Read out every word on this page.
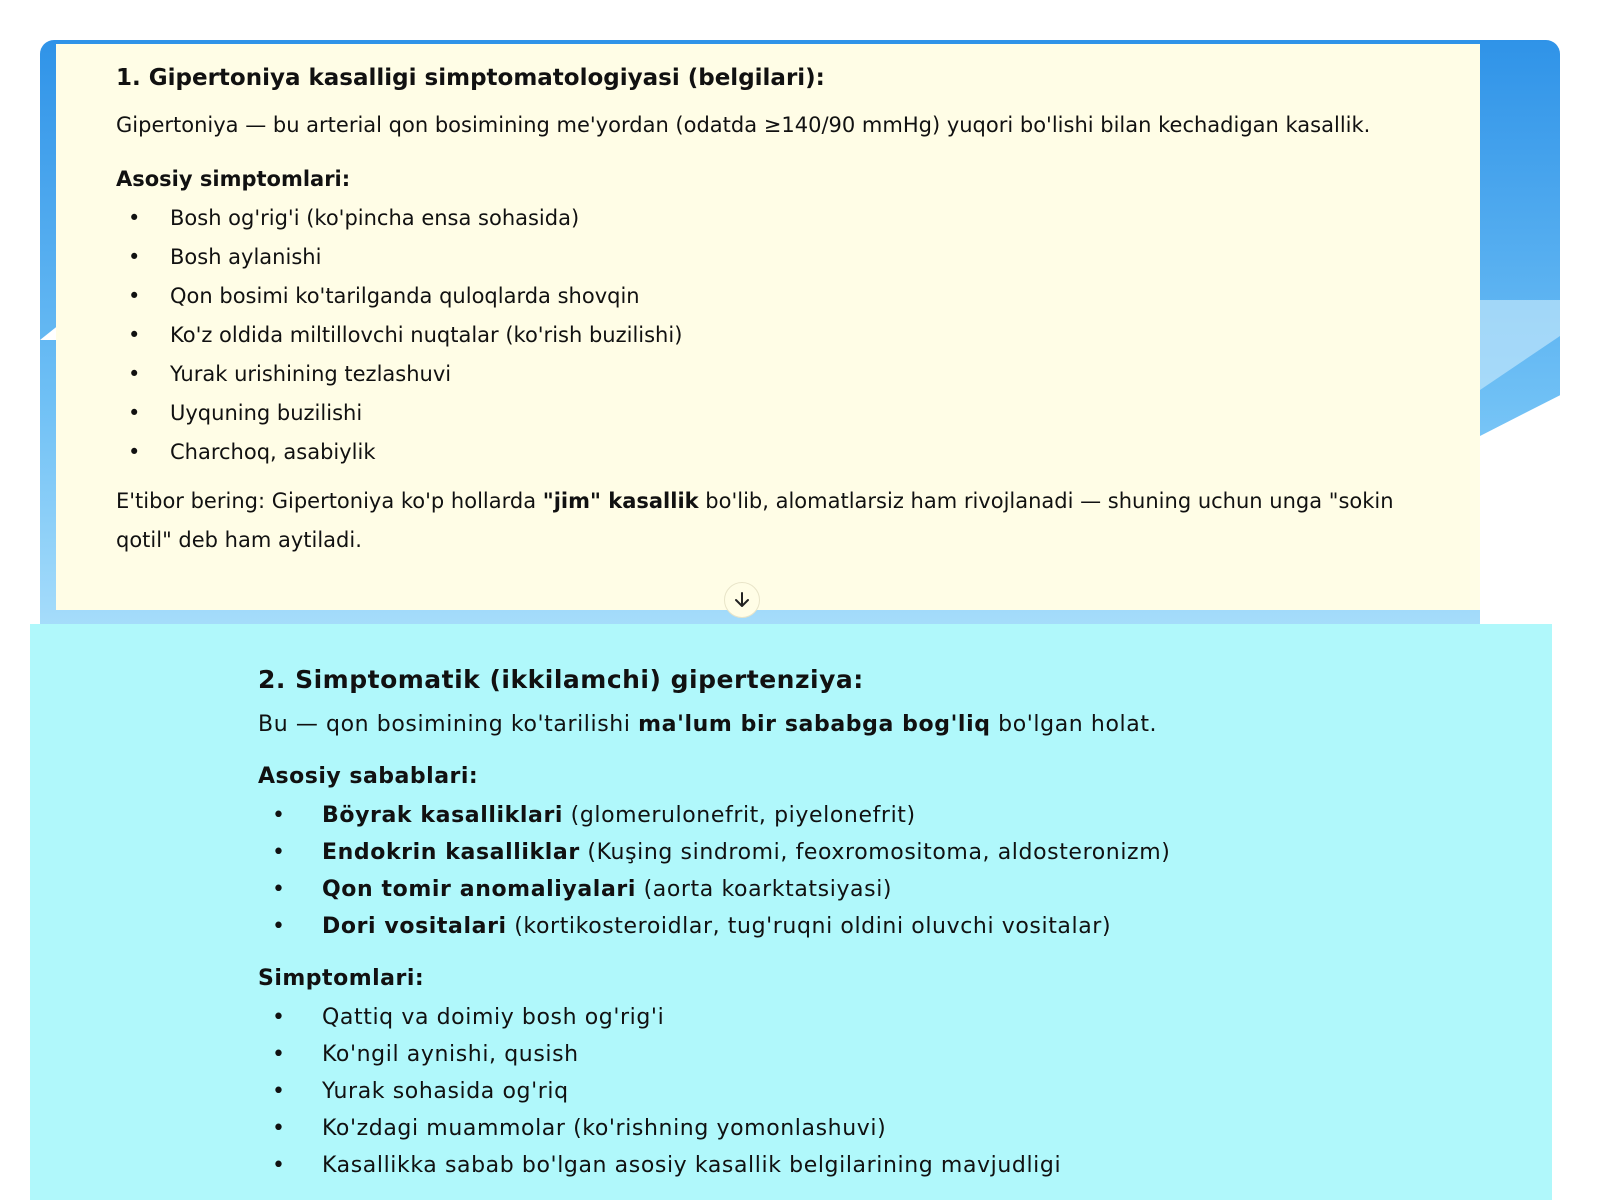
1. Gipertoniya kasalligi simptomatologiyasi (belgilari):

Gipertoniya — bu arterial qon bosimining me'yordan (odatda ≥140/90 mmHg) yuqori bo'lishi bilan kechadigan kasallik.

Asosiy simptomlari:
• Bosh og'rig'i (ko'pincha ensa sohasida)
• Bosh aylanishi
• Qon bosimi ko'tarilganda quloqlarda shovqin
• Ko'z oldida miltillovchi nuqtalar (ko'rish buzilishi)
• Yurak urishining tezlashuvi
• Uyquning buzilishi
• Charchoq, asabiylik

E'tibor bering: Gipertoniya ko'p hollarda "jim" kasallik bo'lib, alomatlarsiz ham rivojlanadi — shuning uchun unga "sokin qotil" deb ham aytiladi.

2. Simptomatik (ikkilamchi) gipertenziya:

Bu — qon bosimining ko'tarilishi ma'lum bir sababga bog'liq bo'lgan holat.

Asosiy sabablari:
• Böyrak kasalliklari (glomerulonefrit, piyelonefrit)
• Endokrin kasalliklar (Kuşing sindromi, feoxromositoma, aldosteronizm)
• Qon tomir anomaliyalari (aorta koarktatsiyasi)
• Dori vositalari (kortikosteroidlar, tug'ruqni oldini oluvchi vositalar)
Simptomlari:
• Qattiq va doimiy bosh og'rig'i
• Ko'ngil aynishi, qusish
• Yurak sohasida og'riq
• Ko'zdagi muammolar (ko'rishning yomonlashuvi)
• Kasallikka sabab bo'lgan asosiy kasallik belgilarining mavjudligi
